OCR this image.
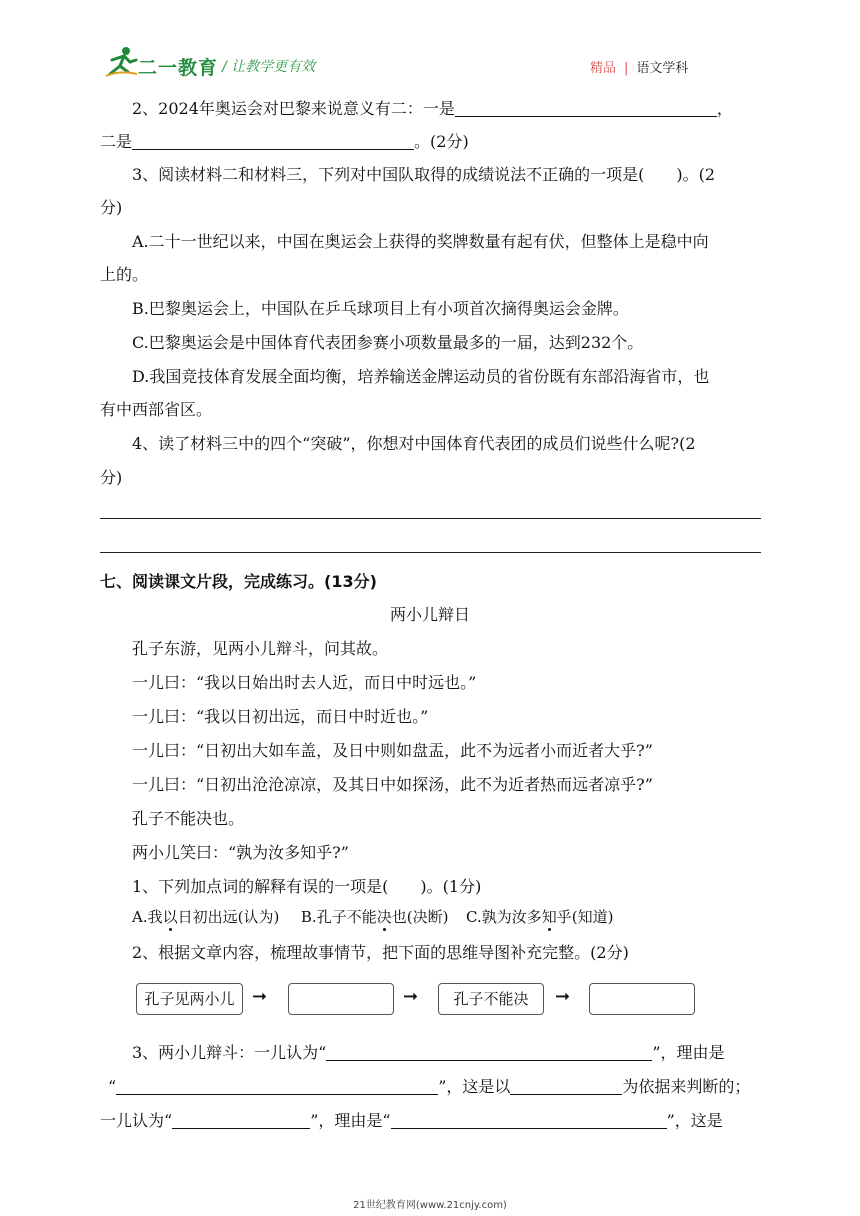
二一教育 / 让教学更有效	精品 | 语文学科
2、2024年奥运会对巴黎来说意义有二：一是	，
二是	。(2分)
3、阅读材料二和材料三，下列对中国队取得的成绩说法不正确的一项是(　　)。(2
分)
A.二十一世纪以来，中国在奥运会上获得的奖牌数量有起有伏，但整体上是稳中向
上的。
B.巴黎奥运会上，中国队在乒乓球项目上有小项首次摘得奥运会金牌。
C.巴黎奥运会是中国体育代表团参赛小项数量最多的一届，达到232个。
D.我国竞技体育发展全面均衡，培养输送金牌运动员的省份既有东部沿海省市，也
有中西部省区。
4、读了材料三中的四个“突破”，你想对中国体育代表团的成员们说些什么呢?(2
分)
七、阅读课文片段，完成练习。(13分)
两小儿辩日
孔子东游，见两小儿辩斗，问其故。
一儿曰：“我以日始出时去人近，而日中时远也。”
一儿曰：“我以日初出远，而日中时近也。”
一儿曰：“日初出大如车盖，及日中则如盘盂，此不为远者小而近者大乎?”
一儿曰：“日初出沧沧凉凉，及其日中如探汤，此不为近者热而远者凉乎?”
孔子不能决也。
两小儿笑曰：“孰为汝多知乎?”
1、下列加点词的解释有误的一项是(　　)。(1分)
A.我以日初出远(认为) B.孔子不能决也(决断) C.孰为汝多知乎(知道)
2、根据文章内容，梳理故事情节，把下面的思维导图补充完整。(2分)
孔子见两小儿 ➞	➞	孔子不能决	➞
3、两小儿辩斗：一儿认为“	”，理由是
“	”，这是以	为依据来判断的；
一儿认为“	”，理由是“	”，这是
21世纪教育网(www.21cnjy.com)
